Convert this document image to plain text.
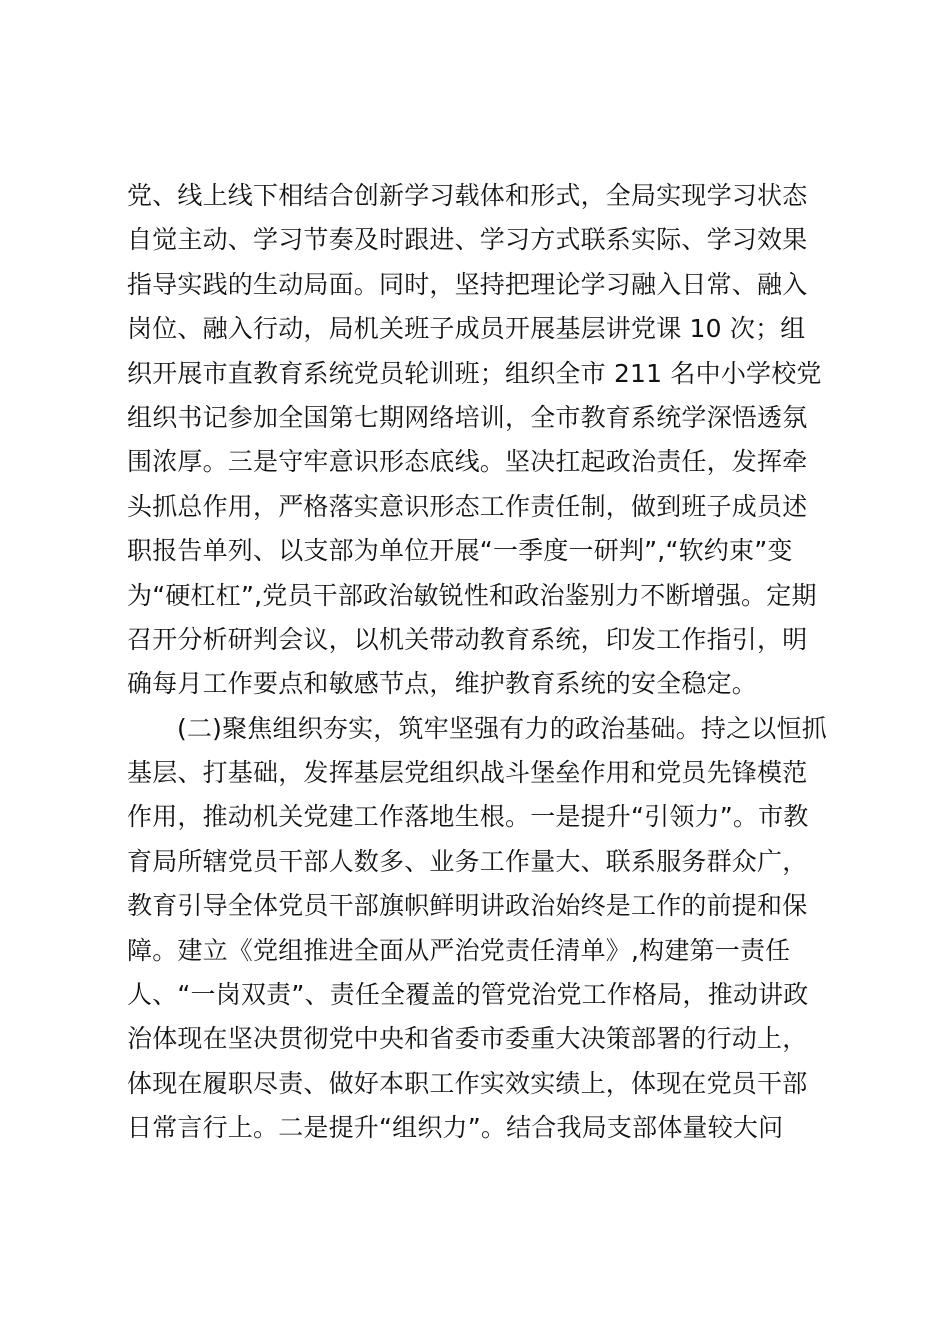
党、线上线下相结合创新学习载体和形式，全局实现学习状态
自觉主动、学习节奏及时跟进、学习方式联系实际、学习效果
指导实践的生动局面。同时，坚持把理论学习融入日常、融入
岗位、融入行动，局机关班子成员开展基层讲党课 10 次；组
织开展市直教育系统党员轮训班；组织全市 211 名中小学校党
组织书记参加全国第七期网络培训，全市教育系统学深悟透氛
围浓厚。三是守牢意识形态底线。坚决扛起政治责任，发挥牵
头抓总作用，严格落实意识形态工作责任制，做到班子成员述
职报告单列、以支部为单位开展“一季度一研判”,“软约束”变
为“硬杠杠”,党员干部政治敏锐性和政治鉴别力不断增强。定期
召开分析研判会议，以机关带动教育系统，印发工作指引，明
确每月工作要点和敏感节点，维护教育系统的安全稳定。
(二)聚焦组织夯实，筑牢坚强有力的政治基础。持之以恒抓
基层、打基础，发挥基层党组织战斗堡垒作用和党员先锋模范
作用，推动机关党建工作落地生根。一是提升“引领力”。市教
育局所辖党员干部人数多、业务工作量大、联系服务群众广，
教育引导全体党员干部旗帜鲜明讲政治始终是工作的前提和保
障。建立《党组推进全面从严治党责任清单》,构建第一责任
人、“一岗双责”、责任全覆盖的管党治党工作格局，推动讲政
治体现在坚决贯彻党中央和省委市委重大决策部署的行动上，
体现在履职尽责、做好本职工作实效实绩上，体现在党员干部
日常言行上。二是提升“组织力”。结合我局支部体量较大问
